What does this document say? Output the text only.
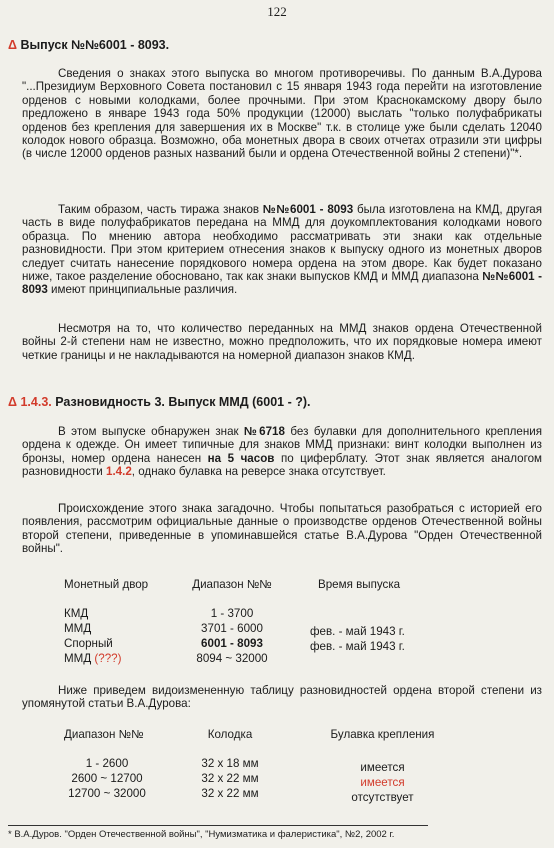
122
Δ Выпуск №№6001 - 8093.

Сведения о знаках этого выпуска во многом противоречивы. По данным В.А.Дурова "...Президиум Верховного Совета постановил с 15 января 1943 года перейти на изготовление орденов с новыми колодками, более прочными. При этом Краснокамскому двору было предложено в январе 1943 года 50% продукции (12000) выслать "только полуфабрикаты орденов без крепления для завершения их в Москве" т.к. в столице уже были сделать 12040 колодок нового образца. Возможно, оба монетных двора в своих отчетах отразили эти цифры (в числе 12000 орденов разных названий были и ордена Отечественной войны 2 степени)"*.

Таким образом, часть тиража знаков №№6001 - 8093 была изготовлена на КМД, другая часть в виде полуфабрикатов передана на ММД для доукомплектования колодками нового образца. По мнению автора необходимо рассматривать эти знаки как отдельные разновидности. При этом критерием отнесения знаков к выпуску одного из монетных дворов следует считать нанесение порядкового номера ордена на этом дворе. Как будет показано ниже, такое разделение обосновано, так как знаки выпусков КМД и ММД диапазона №№6001 - 8093 имеют принципиальные различия.

Несмотря на то, что количество переданных на ММД знаков ордена Отечественной войны 2-й степени нам не известно, можно предположить, что их порядковые номера имеют четкие границы и не накладываются на номерной диапазон знаков КМД.

Δ 1.4.3. Разновидность 3. Выпуск ММД (6001 - ?).

В этом выпуске обнаружен знак №6718 без булавки для дополнительного крепления ордена к одежде. Он имеет типичные для знаков ММД признаки: винт колодки выполнен из бронзы, номер ордена нанесен на 5 часов по циферблату. Этот знак является аналогом разновидности 1.4.2, однако булавка на реверсе знака отсутствует.

Происхождение этого знака загадочно. Чтобы попытаться разобраться с историей его появления, рассмотрим официальные данные о производстве орденов Отечественной войны второй степени, приведенные в упоминавшейся статье В.А.Дурова "Орден Отечественной войны".

Монетный двор	Диапазон №№	Время выпуска
КМД	1 - 3700
ММД	3701 - 6000	фев. - май 1943 г.
Спорный	6001 - 8093	фев. - май 1943 г.
ММД (???)	8094 ~ 32000

Ниже приведем видоизмененную таблицу разновидностей ордена второй степени из упомянутой статьи В.А.Дурова:

Диапазон №№	Колодка	Булавка крепления
1 - 2600	32 х 18 мм	имеется
2600 ~ 12700	32 х 22 мм	имеется
12700 ~ 32000	32 х 22 мм	отсутствует
* В.А.Дуров. "Орден Отечественной войны", "Нумизматика и фалеристика", №2, 2002 г.
